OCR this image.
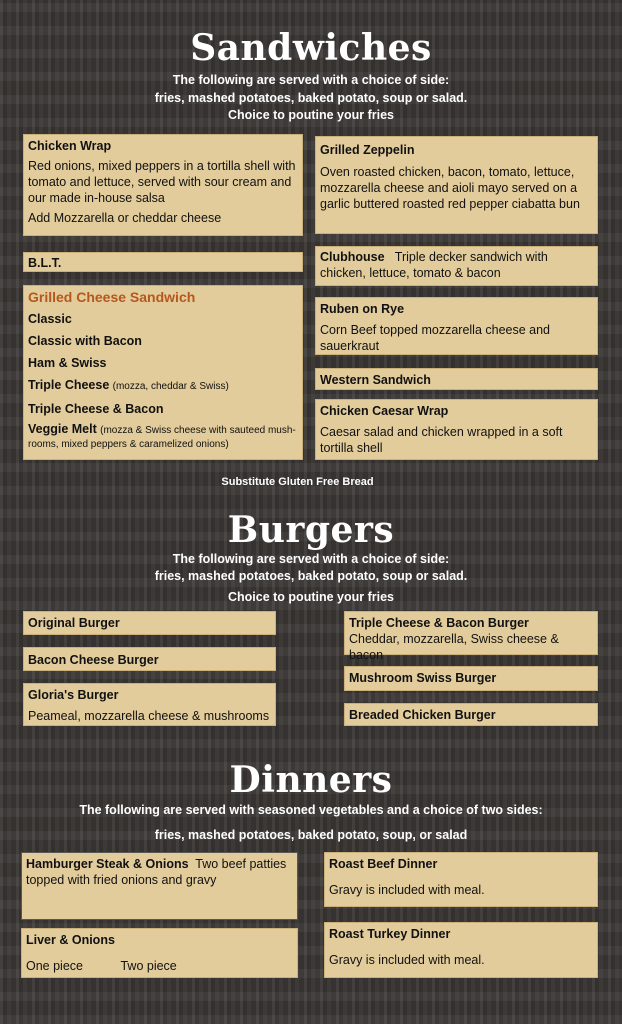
Sandwiches
The following are served with a choice of side:
fries, mashed potatoes, baked potato, soup or salad.
Choice to poutine your fries
Chicken Wrap
Red onions, mixed peppers in a tortilla shell with tomato and lettuce, served with sour cream and our made in-house salsa
Add Mozzarella or cheddar cheese
Grilled Zeppelin
Oven roasted chicken, bacon, tomato, lettuce, mozzarella cheese and aioli mayo served on a garlic buttered roasted red pepper ciabatta bun
B.L.T.	Clubhouse Triple decker sandwich with chicken, lettuce, tomato & bacon
Grilled Cheese Sandwich
Classic
Classic with Bacon
Ham & Swiss
Triple Cheese (mozza, cheddar & Swiss)
Triple Cheese & Bacon
Veggie Melt (mozza & Swiss cheese with sauteed mush-rooms, mixed peppers & caramelized onions)
Ruben on Rye
Corn Beef topped mozzarella cheese and sauerkraut
Western Sandwich
Chicken Caesar Wrap
Caesar salad and chicken wrapped in a soft tortilla shell
Substitute Gluten Free Bread
Burgers
The following are served with a choice of side:
fries, mashed potatoes, baked potato, soup or salad.
Choice to poutine your fries
Original Burger
Bacon Cheese Burger
Gloria's Burger
Peameal, mozzarella cheese & mushrooms
Triple Cheese & Bacon Burger    Cheddar, mozzarella, Swiss cheese & bacon
Mushroom Swiss Burger
Breaded Chicken Burger
Dinners
The following are served with seasoned vegetables and a choice of two sides:
fries, mashed potatoes, baked potato, soup, or salad
Hamburger Steak & Onions Two beef patties topped with fried onions and gravy
Roast Beef Dinner
Gravy is included with meal.
Liver & Onions
One piece	Two piece
Roast Turkey Dinner
Gravy is included with meal.
